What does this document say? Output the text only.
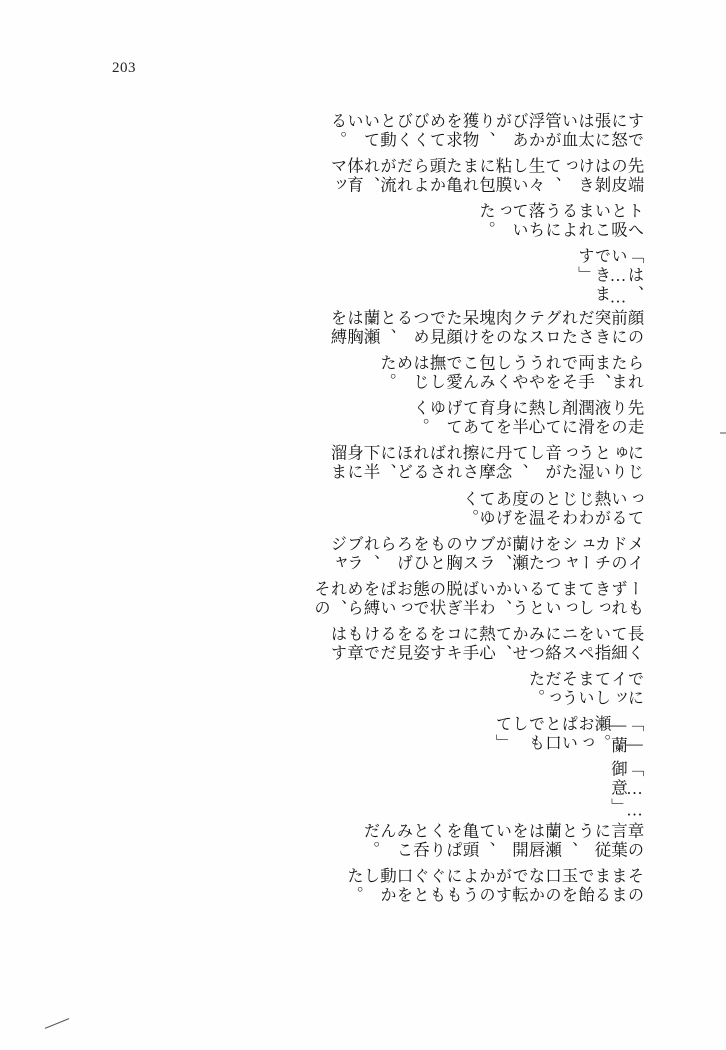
203
すでに怒張には太い血管が浮かびあがり、獲物を求めてびくびくと動いている。
先端の皮は剝けきって、生々しい粘膜に包まれた亀頭からよだれが流れ、体育マッ
トへと吸いこまれるように落ちていった。
「は、い……できます」
顔の前に突きだされたグロテスクな肉の塊を呆けた顔で見つめると、蘭瀬は胸を縛
られたまま、両手でそれをうやうやしく包みこんで愛撫しはじめた。
先走りの液を潤滑剤にして熱心に半身を育ててあげてゆく。
にじゅりという湿った音がして、丹念に摩擦されればされるほどに、下半身に溜ま
っている熱がじわじわとその温度をあげてゆく。
メイドのカチューシャをつけた蘭瀬が、ブラウスの胸もとをひろげられ、ブラジャ
ーもずれきってしまっているというか、いわば半脱ぎの状態でおっぱいを縛められ、その
長くて細い指をペニスに絡みつかせて、熱心に手コキをする姿を見るだけでも章はす
でにイッてしまいそうだった。
「――蘭瀬。おっぱいと口でもして」
「……御意」
章の言葉に従うと、蘭瀬は唇を開いて、亀頭をぱくりと呑みこんだ。
そのまままるで飴玉を口のなかで転がすかのようにもぐもぐと口を動かした。
